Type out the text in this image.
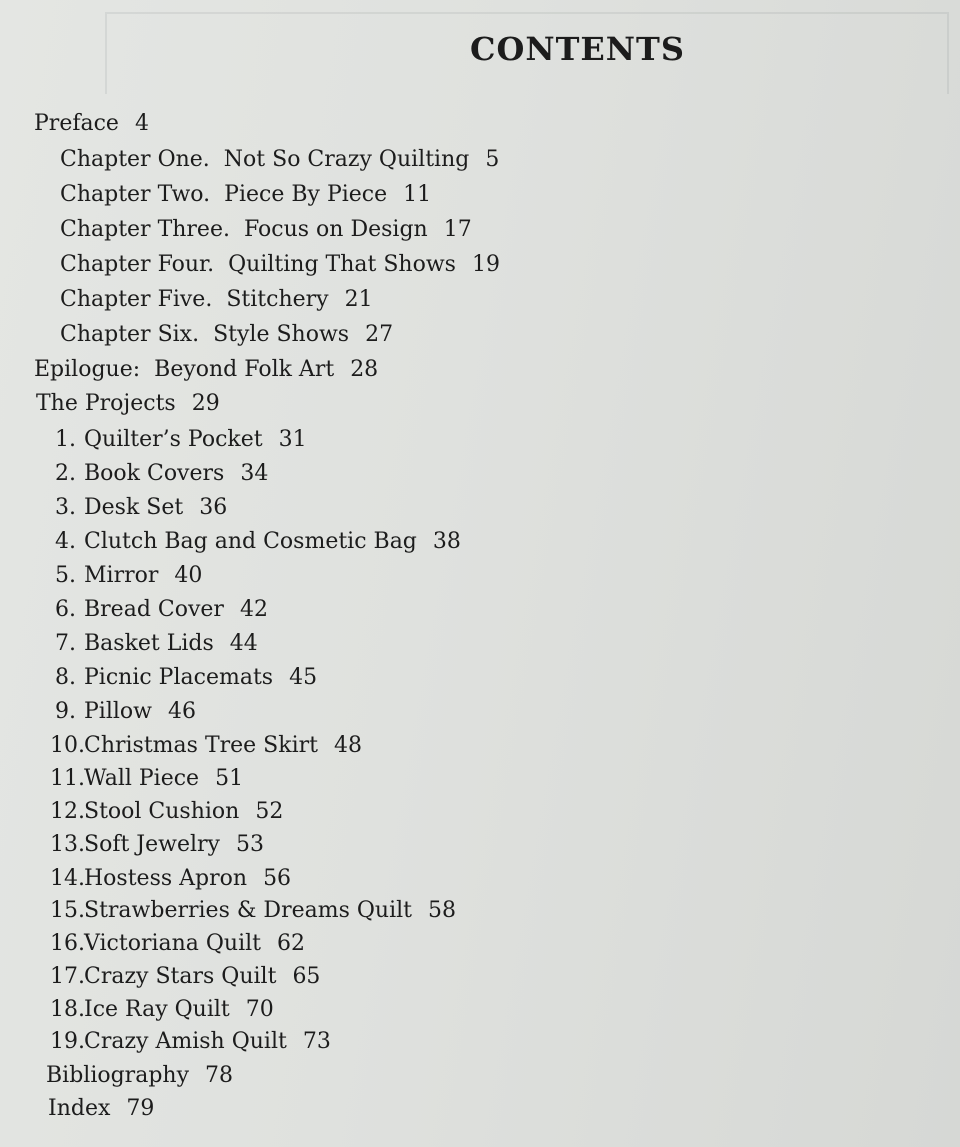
CONTENTS
Preface 4
Chapter One. Not So Crazy Quilting 5
Chapter Two. Piece By Piece 11
Chapter Three. Focus on Design 17
Chapter Four. Quilting That Shows 19
Chapter Five. Stitchery 21
Chapter Six. Style Shows 27
Epilogue: Beyond Folk Art 28
The Projects 29
1. Quilter’s Pocket 31
2. Book Covers 34
3. Desk Set 36
4. Clutch Bag and Cosmetic Bag 38
5. Mirror 40
6. Bread Cover 42
7. Basket Lids 44
8. Picnic Placemats 45
9. Pillow 46
10.Christmas Tree Skirt 48
11.Wall Piece 51
12.Stool Cushion 52
13.Soft Jewelry 53
14.Hostess Apron 56
15.Strawberries & Dreams Quilt 58
16.Victoriana Quilt 62
17.Crazy Stars Quilt 65
18.Ice Ray Quilt 70
19.Crazy Amish Quilt 73
Bibliography 78
Index 79
